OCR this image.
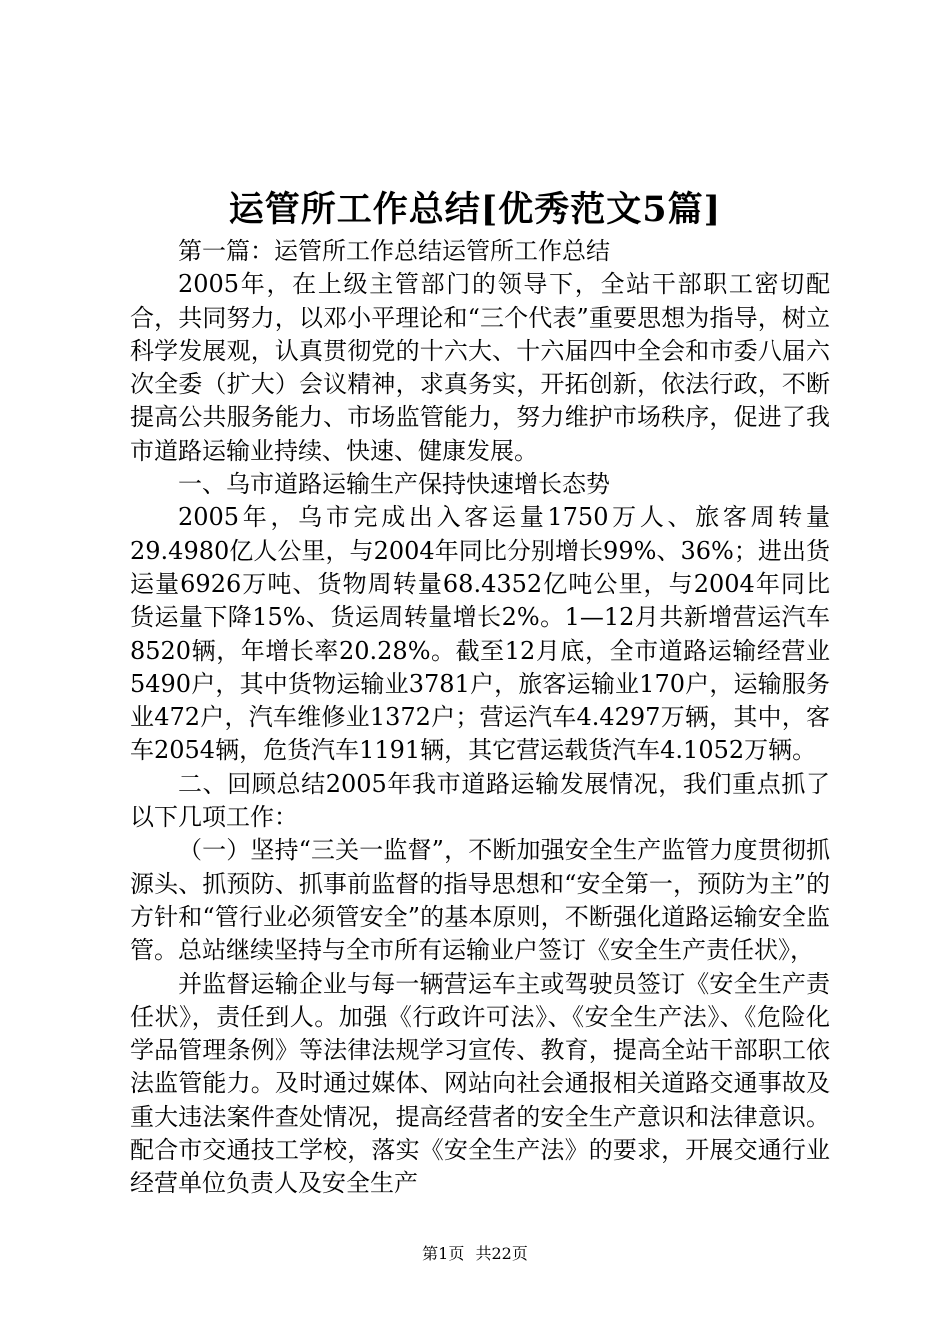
运管所工作总结[优秀范文5篇]

第一篇：运管所工作总结运管所工作总结

2005年，在上级主管部门的领导下，全站干部职工密切配合，共同努力，以邓小平理论和“三个代表”重要思想为指导，树立科学发展观，认真贯彻党的十六大、十六届四中全会和市委八届六次全委（扩大）会议精神，求真务实，开拓创新，依法行政，不断提高公共服务能力、市场监管能力，努力维护市场秩序，促进了我市道路运输业持续、快速、健康发展。

一、乌市道路运输生产保持快速增长态势

2005年，乌市完成出入客运量1750万人、旅客周转量29.4980亿人公里，与2004年同比分别增长99%、36%；进出货运量6926万吨、货物周转量68.4352亿吨公里，与2004年同比货运量下降15%、货运周转量增长2%。1—12月共新增营运汽车8520辆，年增长率20.28%。截至12月底，全市道路运输经营业5490户，其中货物运输业3781户，旅客运输业170户，运输服务业472户，汽车维修业1372户；营运汽车4.4297万辆，其中，客车2054辆，危货汽车1191辆，其它营运载货汽车4.1052万辆。

二、回顾总结2005年我市道路运输发展情况，我们重点抓了以下几项工作：

（一）坚持“三关一监督”，不断加强安全生产监管力度贯彻抓源头、抓预防、抓事前监督的指导思想和“安全第一，预防为主”的方针和“管行业必须管安全”的基本原则，不断强化道路运输安全监管。总站继续坚持与全市所有运输业户签订《安全生产责任状》，

并监督运输企业与每一辆营运车主或驾驶员签订《安全生产责任状》，责任到人。加强《行政许可法》、《安全生产法》、《危险化学品管理条例》等法律法规学习宣传、教育，提高全站干部职工依法监管能力。及时通过媒体、网站向社会通报相关道路交通事故及重大违法案件查处情况，提高经营者的安全生产意识和法律意识。配合市交通技工学校，落实《安全生产法》的要求，开展交通行业经营单位负责人及安全生产

第1页 共22页
